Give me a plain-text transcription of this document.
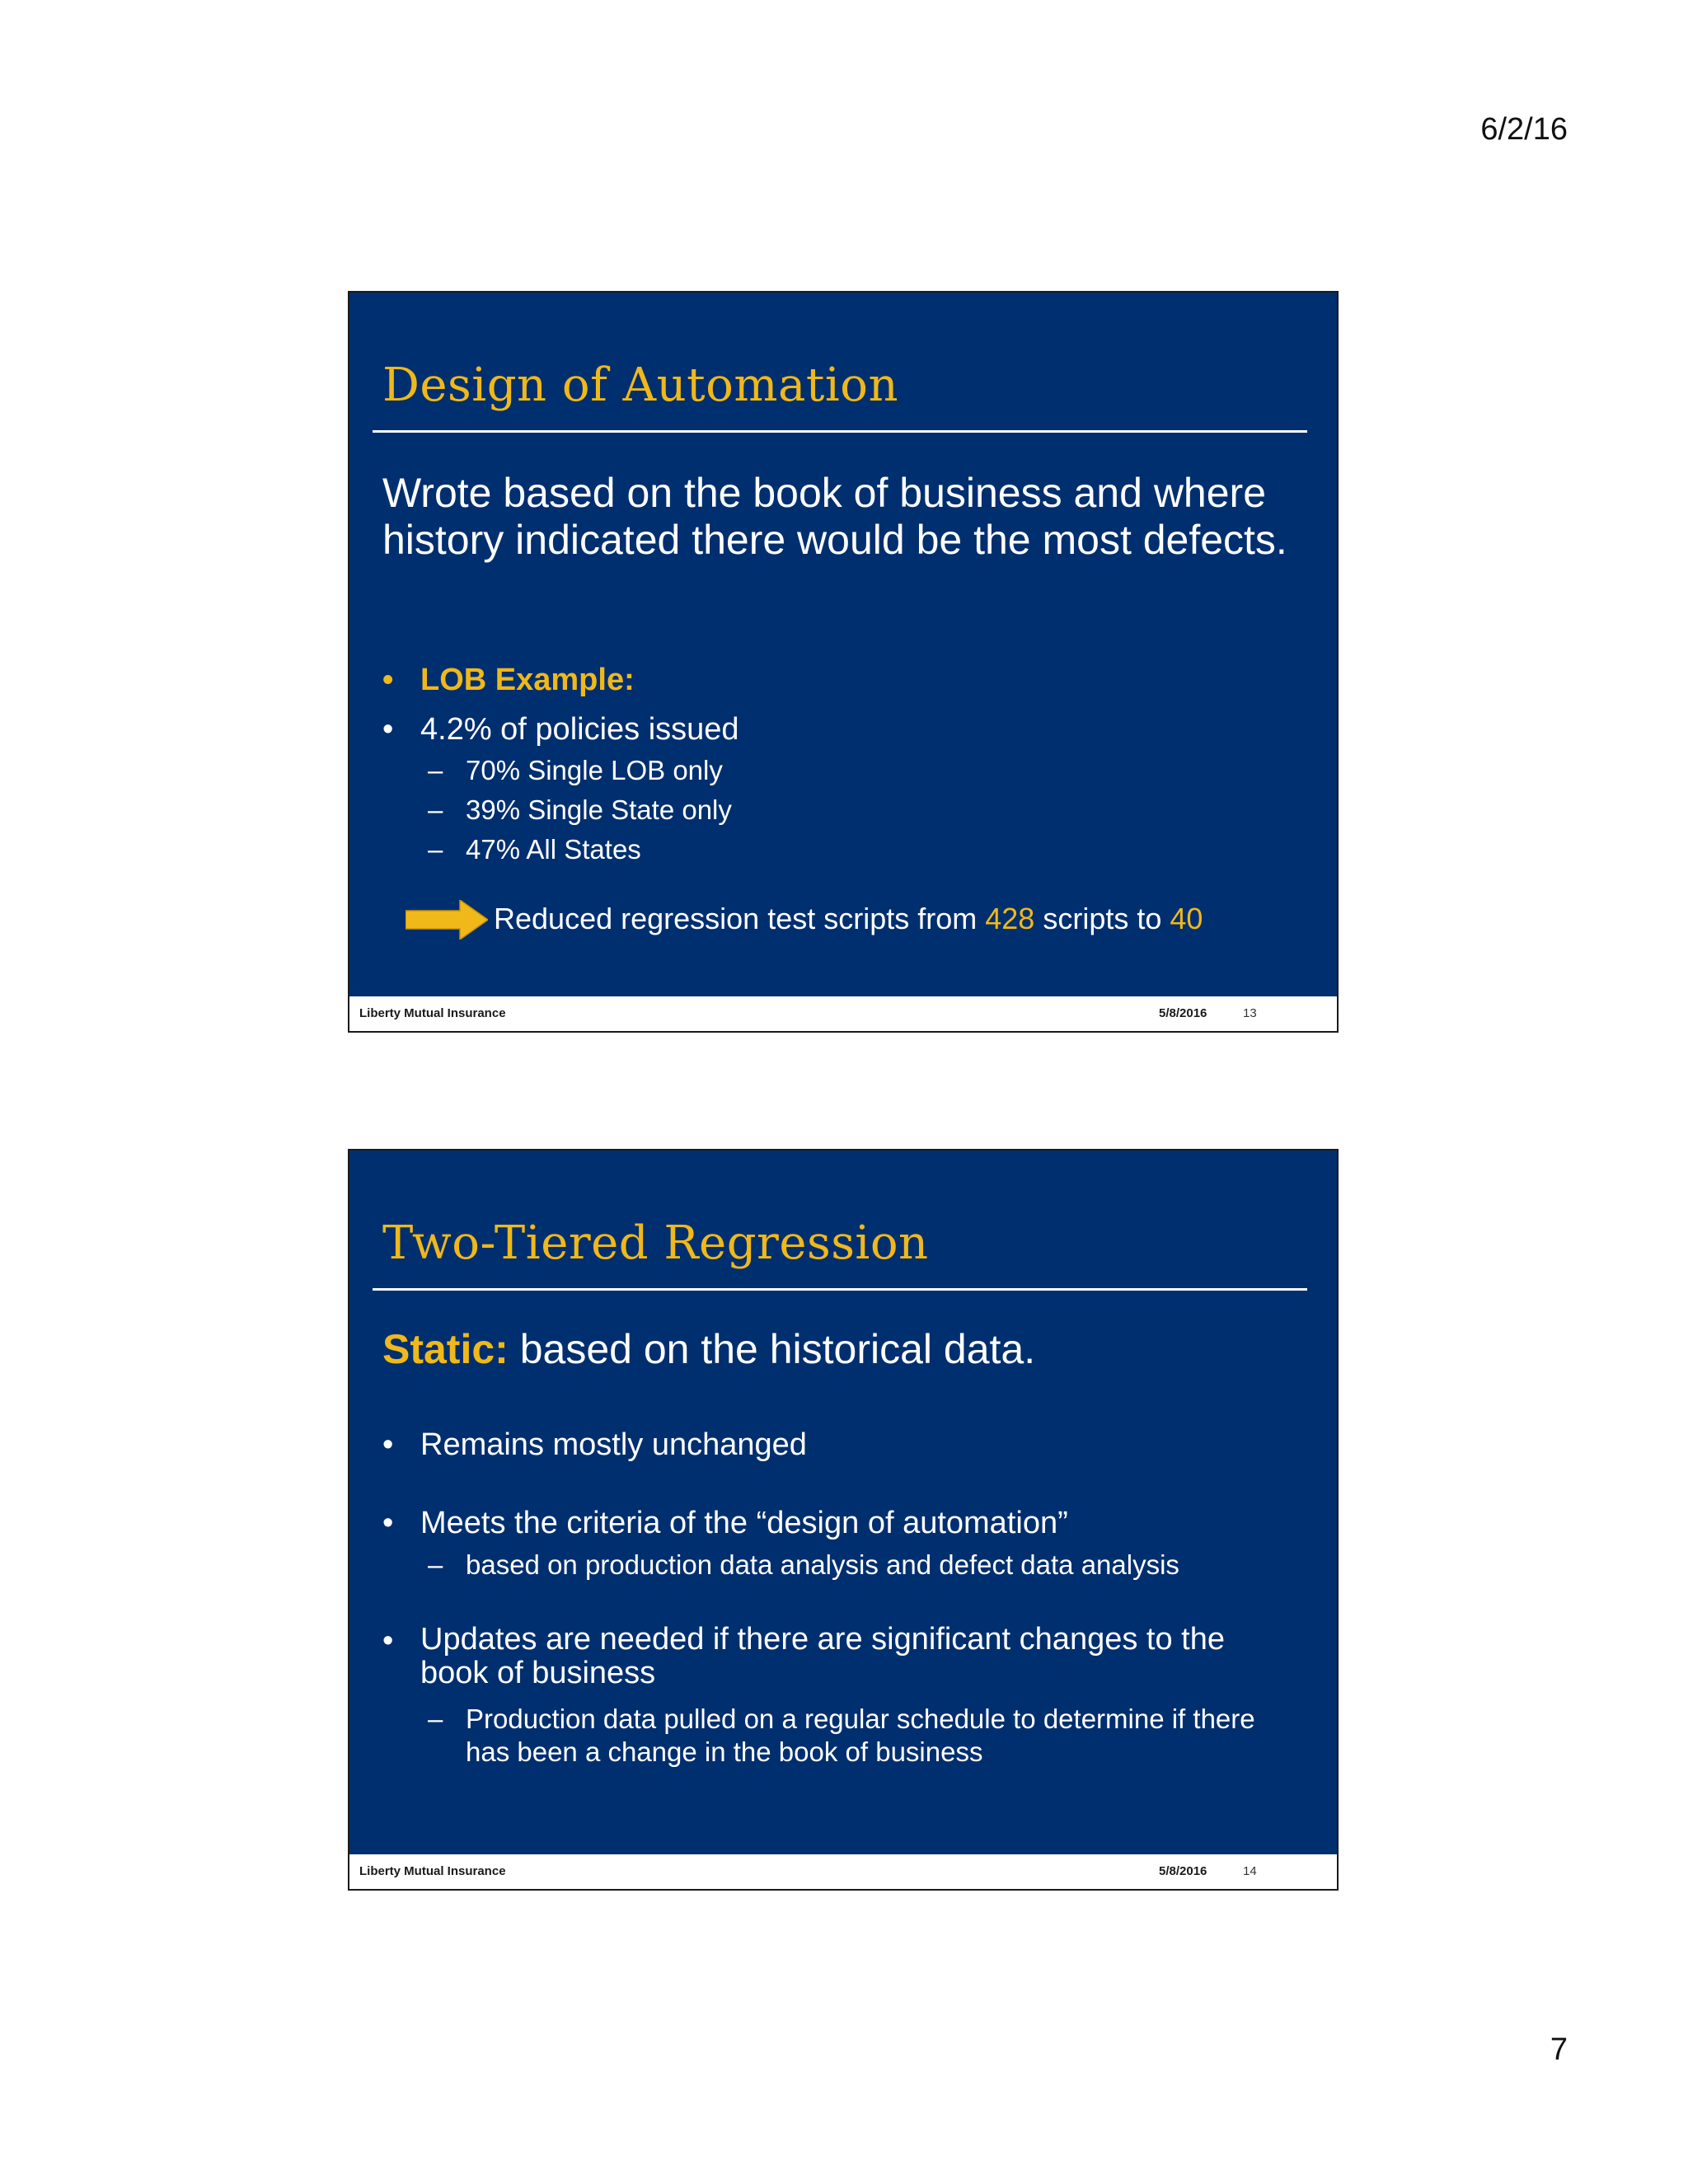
6/2/16
Design of Automation
Wrote based on the book of business and where history indicated there would be the most defects.
• LOB Example:
• 4.2% of policies issued
– 70% Single LOB only
– 39% Single State only
– 47% All States
Reduced regression test scripts from 428 scripts to 40
Liberty Mutual Insurance	5/8/2016	13
Two-Tiered Regression
Static: based on the historical data.
• Remains mostly unchanged
• Meets the criteria of the “design of automation”
– based on production data analysis and defect data analysis
• Updates are needed if there are significant changes to the book of business
– Production data pulled on a regular schedule to determine if there has been a change in the book of business
Liberty Mutual Insurance	5/8/2016	14
7
